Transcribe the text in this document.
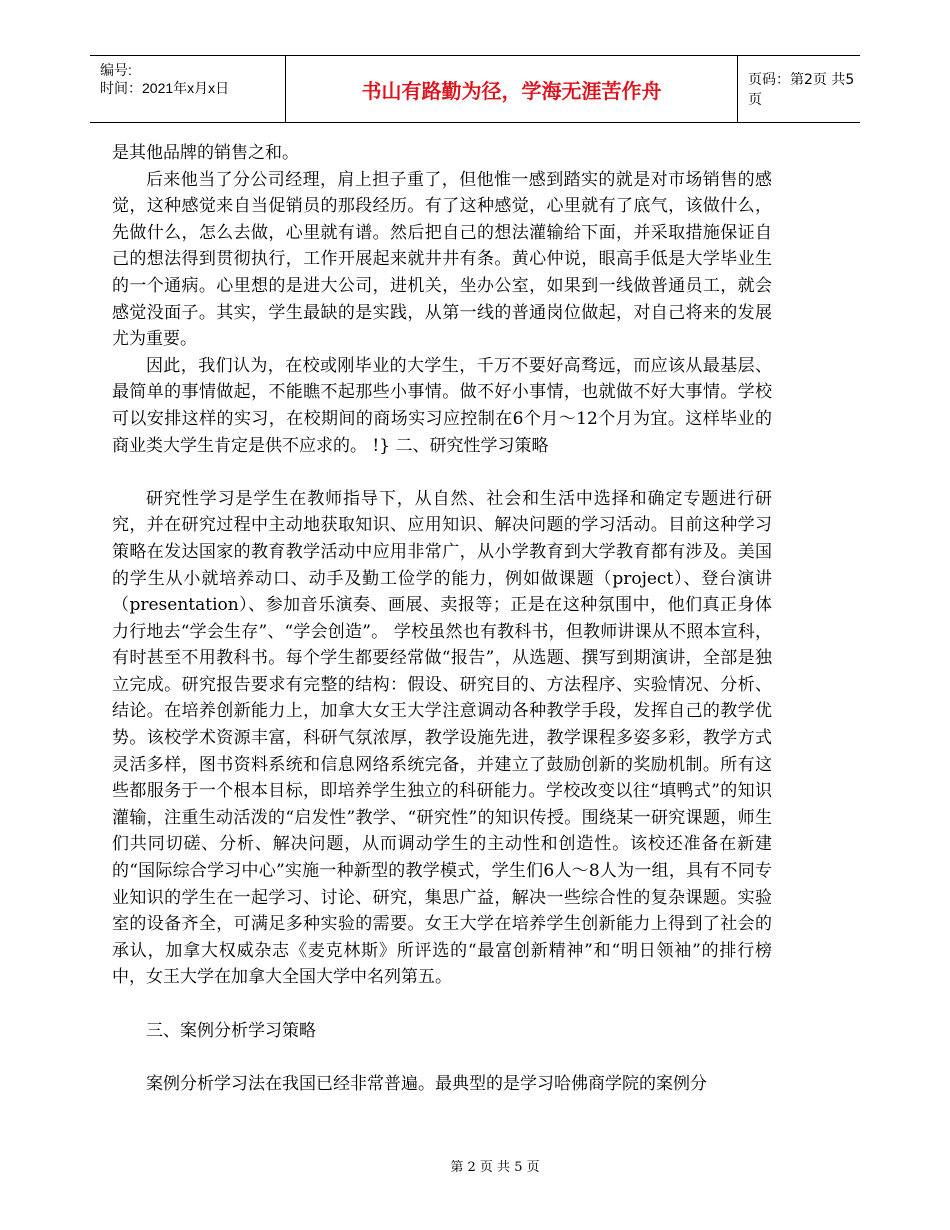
编号:
时间：2021年x月x日	书山有路勤为径，学海无涯苦作舟	页码：第2页 共5页

是其他品牌的销售之和。

后来他当了分公司经理，肩上担子重了，但他惟一感到踏实的就是对市场销售的感觉，这种感觉来自当促销员的那段经历。有了这种感觉，心里就有了底气，该做什么，先做什么，怎么去做，心里就有谱。然后把自己的想法灌输给下面，并采取措施保证自己的想法得到贯彻执行，工作开展起来就井井有条。黄心仲说，眼高手低是大学毕业生的一个通病。心里想的是进大公司，进机关，坐办公室，如果到一线做普通员工，就会感觉没面子。其实，学生最缺的是实践，从第一线的普通岗位做起，对自己将来的发展尤为重要。

因此，我们认为，在校或刚毕业的大学生，千万不要好高骛远，而应该从最基层、最简单的事情做起，不能瞧不起那些小事情。做不好小事情，也就做不好大事情。学校可以安排这样的实习，在校期间的商场实习应控制在6个月～12个月为宜。这样毕业的商业类大学生肯定是供不应求的。 !} 二、研究性学习策略

研究性学习是学生在教师指导下，从自然、社会和生活中选择和确定专题进行研究，并在研究过程中主动地获取知识、应用知识、解决问题的学习活动。目前这种学习策略在发达国家的教育教学活动中应用非常广，从小学教育到大学教育都有涉及。美国的学生从小就培养动口、动手及勤工俭学的能力，例如做课题（project）、登台演讲 （presentation）、参加音乐演奏、画展、卖报等；正是在这种氛围中，他们真正身体力行地去“学会生存”、“学会创造”。 学校虽然也有教科书，但教师讲课从不照本宣科，有时甚至不用教科书。每个学生都要经常做“报告”，从选题、撰写到期演讲，全部是独立完成。研究报告要求有完整的结构：假设、研究目的、方法程序、实验情况、分析、结论。在培养创新能力上，加拿大女王大学注意调动各种教学手段，发挥自己的教学优势。该校学术资源丰富，科研气氛浓厚，教学设施先进，教学课程多姿多彩，教学方式灵活多样，图书资料系统和信息网络系统完备，并建立了鼓励创新的奖励机制。所有这些都服务于一个根本目标，即培养学生独立的科研能力。学校改变以往“填鸭式”的知识灌输，注重生动活泼的“启发性”教学、“研究性”的知识传授。围绕某一研究课题，师生们共同切磋、分析、解决问题，从而调动学生的主动性和创造性。该校还准备在新建的“国际综合学习中心”实施一种新型的教学模式，学生们6人～8人为一组，具有不同专业知识的学生在一起学习、讨论、研究，集思广益，解决一些综合性的复杂课题。实验室的设备齐全，可满足多种实验的需要。女王大学在培养学生创新能力上得到了社会的承认，加拿大权威杂志《麦克林斯》所评选的“最富创新精神”和“明日领袖”的排行榜中，女王大学在加拿大全国大学中名列第五。

三、案例分析学习策略

案例分析学习法在我国已经非常普遍。最典型的是学习哈佛商学院的案例分

第 2 页 共 5 页
